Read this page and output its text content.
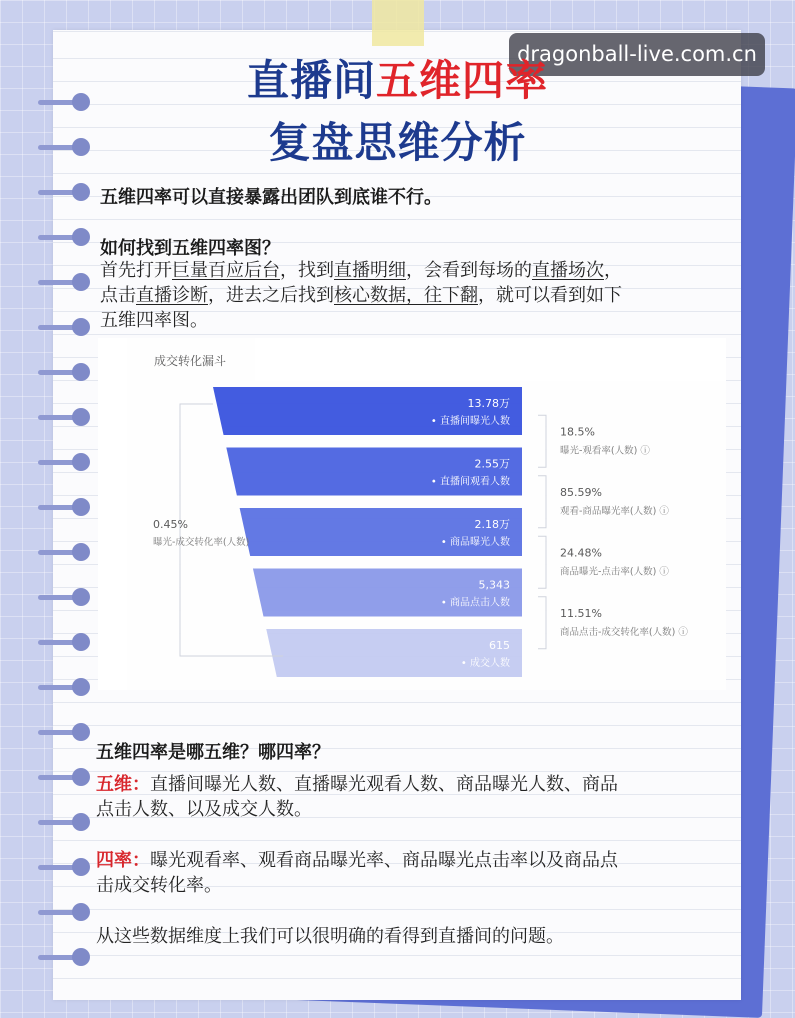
dragonball-live.com.cn
直播间五维四率
复盘思维分析
五维四率可以直接暴露出团队到底谁不行。
如何找到五维四率图？
首先打开巨量百应后台，找到直播明细，会看到每场的直播场次，
点击直播诊断，进去之后找到核心数据，往下翻，就可以看到如下
五维四率图。
成交转化漏斗
13.78万
• 直播间曝光人数
2.55万
• 直播间观看人数
2.18万
• 商品曝光人数
5,343
• 商品点击人数
615
• 成交人数
18.5%
曝光-观看率(人数) ⓘ
85.59%
观看-商品曝光率(人数) ⓘ
24.48%
商品曝光-点击率(人数) ⓘ
11.51%
商品点击-成交转化率(人数) ⓘ
0.45%
曝光-成交转化率(人数)
五维四率是哪五维？哪四率？
五维：直播间曝光人数、直播曝光观看人数、商品曝光人数、商品
点击人数、以及成交人数。
四率：曝光观看率、观看商品曝光率、商品曝光点击率以及商品点
击成交转化率。
从这些数据维度上我们可以很明确的看得到直播间的问题。
